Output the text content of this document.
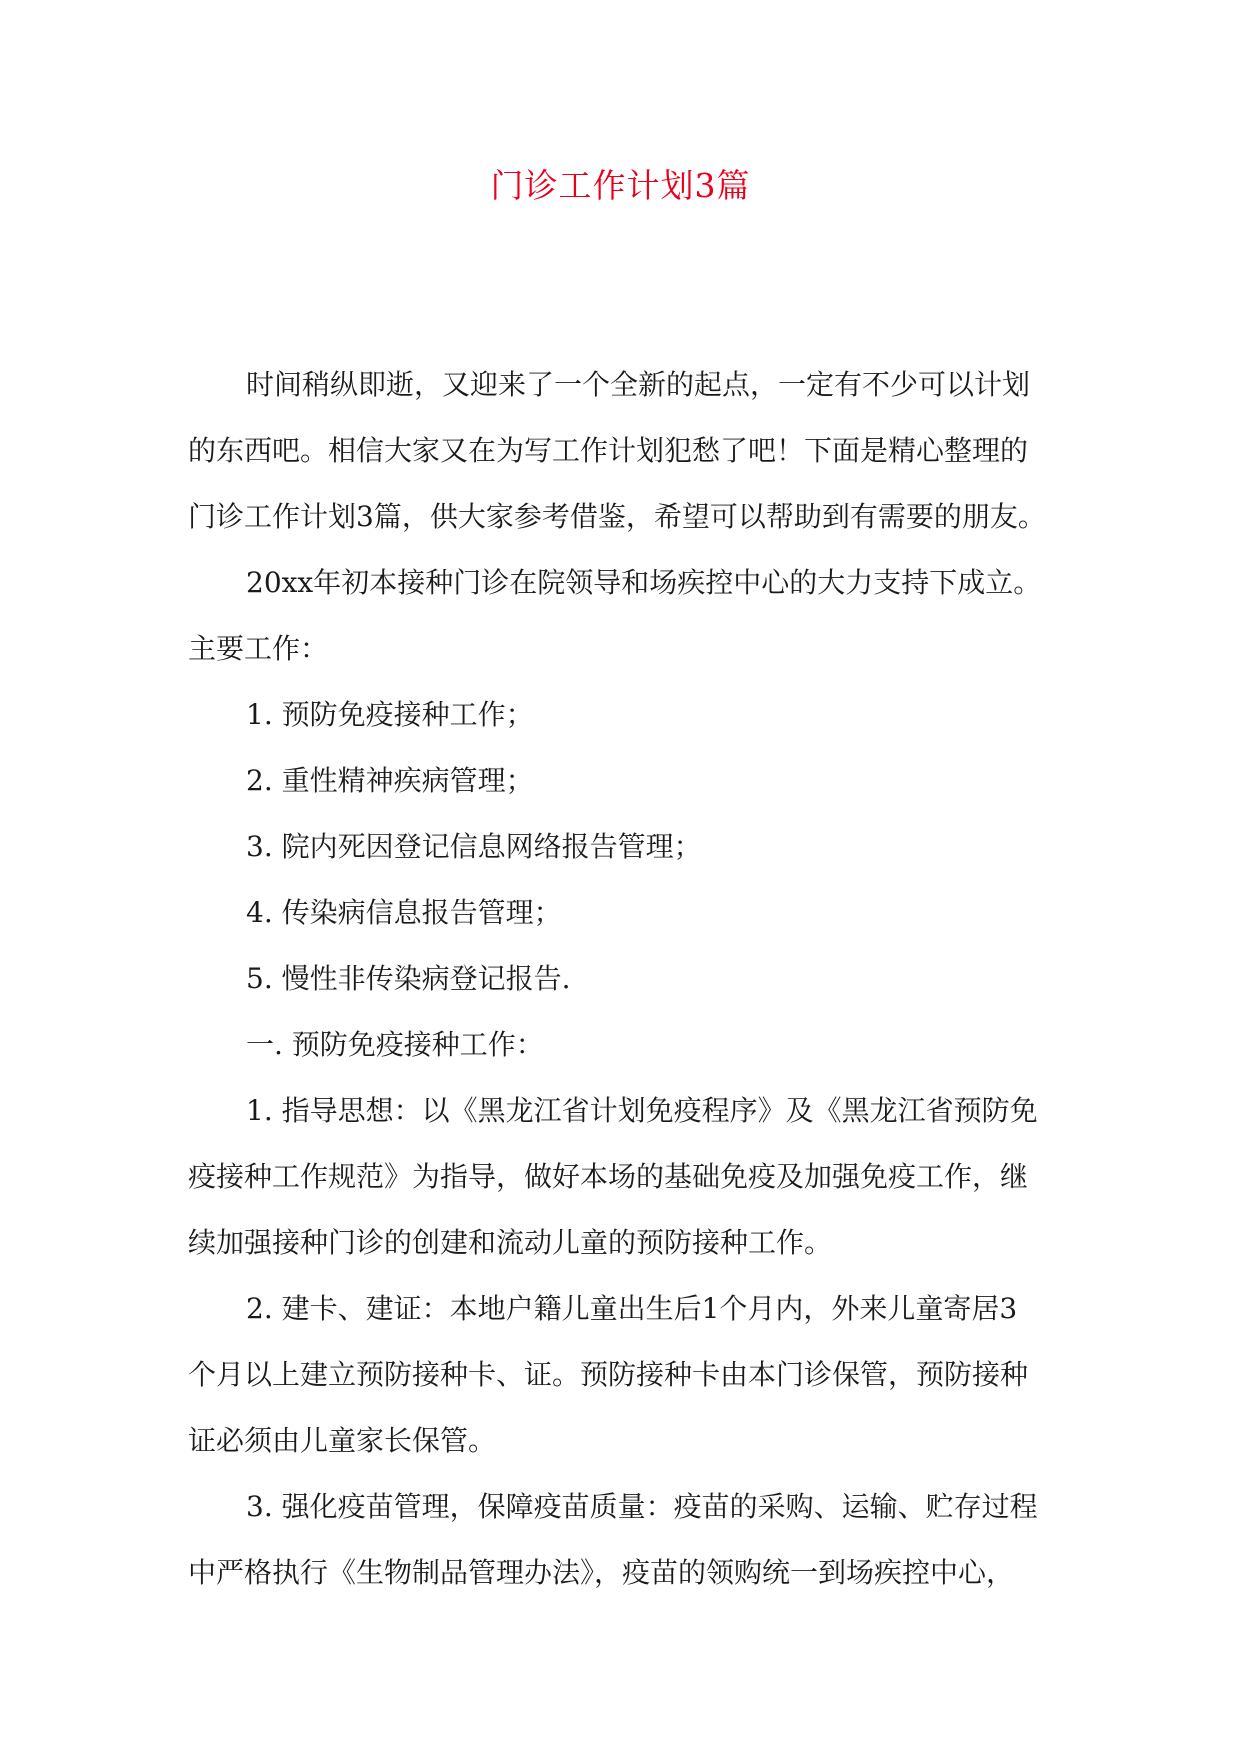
门诊工作计划3篇

时间稍纵即逝，又迎来了一个全新的起点，一定有不少可以计划
的东西吧。相信大家又在为写工作计划犯愁了吧！下面是精心整理的
门诊工作计划3篇，供大家参考借鉴，希望可以帮助到有需要的朋友。

20xx年初本接种门诊在院领导和场疾控中心的大力支持下成立。
主要工作：

1. 预防免疫接种工作；

2. 重性精神疾病管理；

3. 院内死因登记信息网络报告管理；

4. 传染病信息报告管理；

5. 慢性非传染病登记报告.

一. 预防免疫接种工作：

1. 指导思想：以《黑龙江省计划免疫程序》及《黑龙江省预防免
疫接种工作规范》为指导，做好本场的基础免疫及加强免疫工作，继
续加强接种门诊的创建和流动儿童的预防接种工作。

2. 建卡、建证：本地户籍儿童出生后1个月内，外来儿童寄居3
个月以上建立预防接种卡、证。预防接种卡由本门诊保管，预防接种
证必须由儿童家长保管。

3. 强化疫苗管理，保障疫苗质量：疫苗的采购、运输、贮存过程
中严格执行《生物制品管理办法》，疫苗的领购统一到场疾控中心，
